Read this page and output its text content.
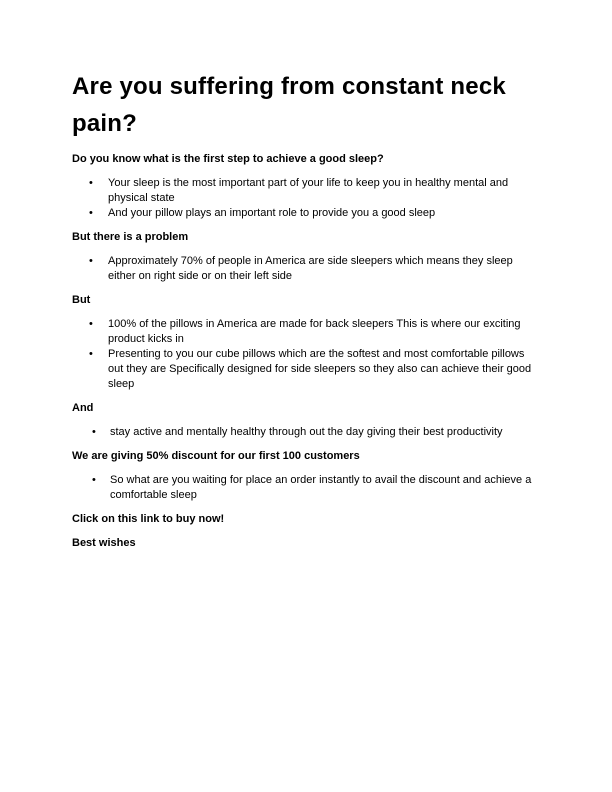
Are you suffering from constant neck pain?

Do you know what is the first step to achieve a good sleep?

• Your sleep is the most important part of your life to keep you in healthy mental and physical state
• And your pillow plays an important role to provide you a good sleep

But there is a problem

• Approximately 70% of people in America are side sleepers which means they sleep either on right side or on their left side

But

• 100% of the pillows in America are made for back sleepers This is where our exciting product kicks in
• Presenting to you our cube pillows which are the softest and most comfortable pillows out they are Specifically designed for side sleepers so they also can achieve their good sleep

And

• stay active and mentally healthy through out the day giving their best productivity

We are giving 50% discount for our first 100 customers

• So what are you waiting for place an order instantly to avail the discount and achieve a comfortable sleep

Click on this link to buy now!

Best wishes
